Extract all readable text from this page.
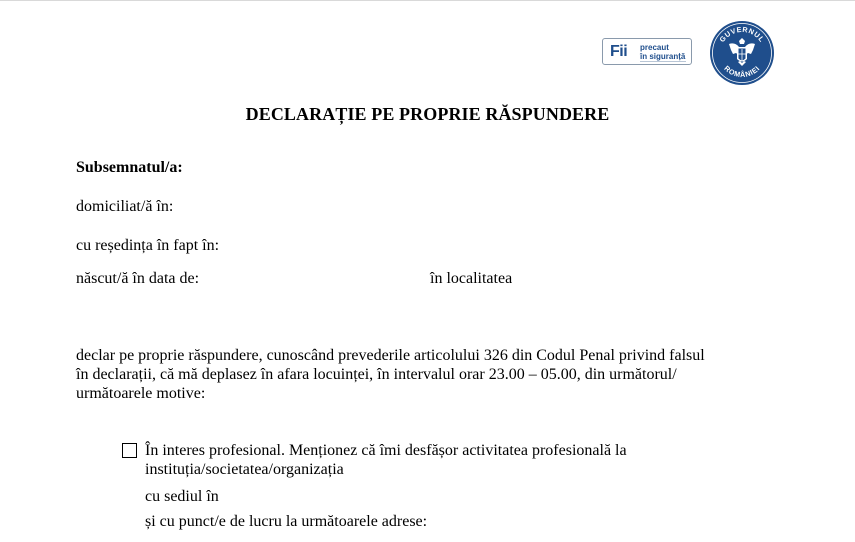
Fii precaut
în siguranță
GUVERNUL
ROMÂNIEI
DECLARAȚIE PE PROPRIE RĂSPUNDERE
Subsemnatul/a:
domiciliat/ă în:
cu reședința în fapt în:
născut/ă în data de:	în localitatea
declar pe proprie răspundere, cunoscând prevederile articolului 326 din Codul Penal privind falsul
în declarații, că mă deplasez în afara locuinței, în intervalul orar 23.00 – 05.00, din următorul/
următoarele motive:
În interes profesional. Menționez că îmi desfășor activitatea profesională la
instituția/societatea/organizația
cu sediul în
și cu punct/e de lucru la următoarele adrese:
